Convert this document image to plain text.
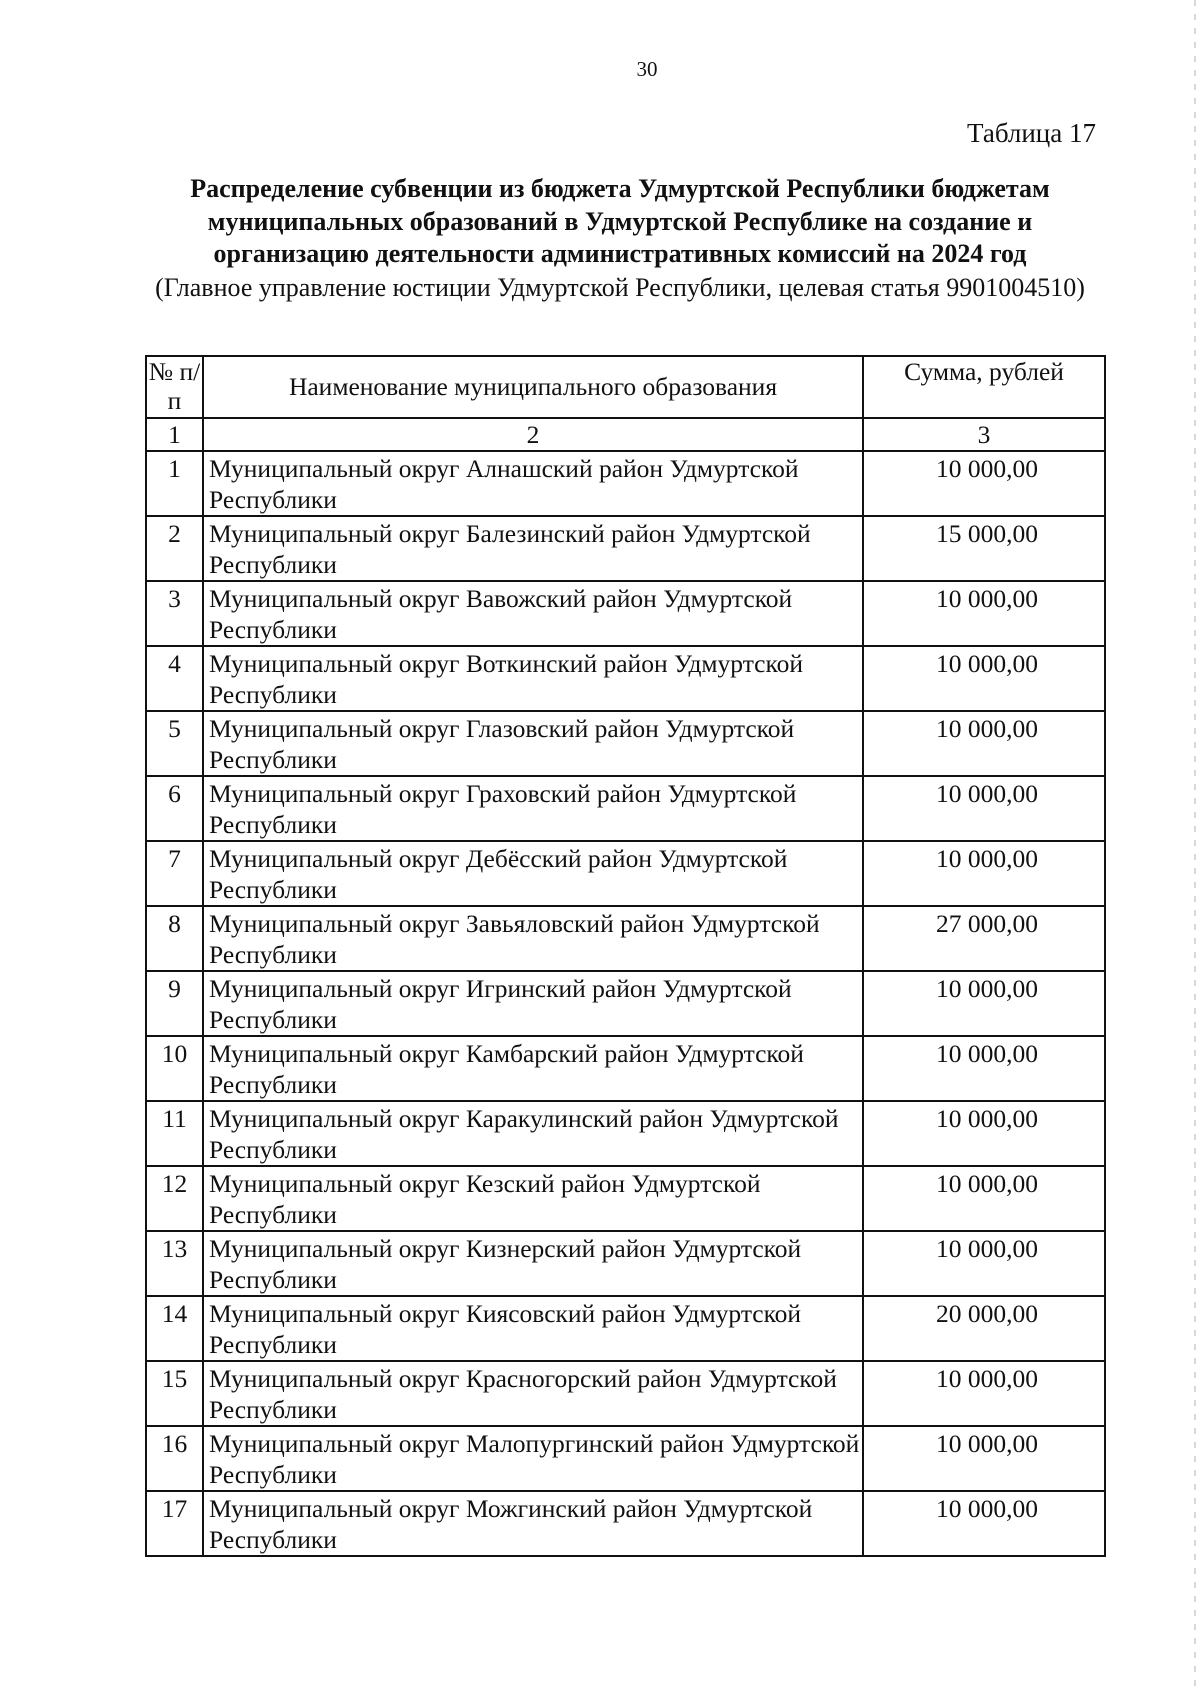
30
Таблица 17

Распределение субвенции из бюджета Удмуртской Республики бюджетам муниципальных образований в Удмуртской Республике на создание и организацию деятельности административных комиссий на 2024 год

(Главное управление юстиции Удмуртской Республики, целевая статья 9901004510)

№ п/п	Наименование муниципального образования	Сумма, рублей
1	2	3
1	Муниципальный округ Алнашский район Удмуртской Республики	10 000,00
2	Муниципальный округ Балезинский район Удмуртской Республики	15 000,00
3	Муниципальный округ Вавожский район Удмуртской Республики	10 000,00
4	Муниципальный округ Воткинский район Удмуртской Республики	10 000,00
5	Муниципальный округ Глазовский район Удмуртской Республики	10 000,00
6	Муниципальный округ Граховский район Удмуртской Республики	10 000,00
7	Муниципальный округ Дебёсский район Удмуртской Республики	10 000,00
8	Муниципальный округ Завьяловский район Удмуртской Республики	27 000,00
9	Муниципальный округ Игринский район Удмуртской Республики	10 000,00
10	Муниципальный округ Камбарский район Удмуртской Республики	10 000,00
11	Муниципальный округ Каракулинский район Удмуртской Республики	10 000,00
12	Муниципальный округ Кезский район Удмуртской Республики	10 000,00
13	Муниципальный округ Кизнерский район Удмуртской Республики	10 000,00
14	Муниципальный округ Киясовский район Удмуртской Республики	20 000,00
15	Муниципальный округ Красногорский район Удмуртской Республики	10 000,00
16	Муниципальный округ Малопургинский район Удмуртской Республики	10 000,00
17	Муниципальный округ Можгинский район Удмуртской Республики	10 000,00
